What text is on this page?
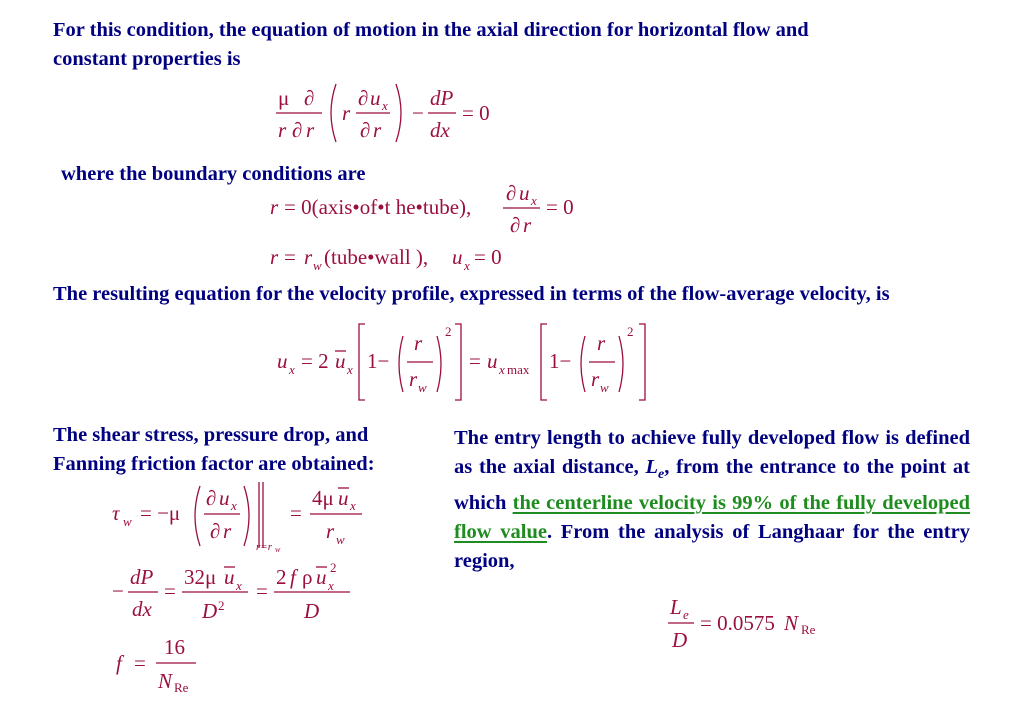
For this condition, the equation of motion in the axial direction for horizontal flow and
constant properties is
μ ∂
r ∂ r
r
∂ u x
∂ r
−
dP
dx
= 0
where the boundary conditions are
r = 0(axis•of•t he•tube),
∂ u x
∂ r
= 0
r = r w (tube•wall ), u x = 0
The resulting equation for the velocity profile, expressed in terms of the flow-average velocity, is
u x = 2 u x 1−
r
r w
2
= u x max 1−
r
r w
2
The shear stress, pressure drop, and Fanning friction factor are obtained:
τ w = −μ
∂ u x
∂ r
r=r w
=
4μ u x
r w
−
dP
dx
=
32μ u x
D 2
=
2 f ρ u 2
x
D
f =
16
N Re
The entry length to achieve fully developed flow is defined as the axial distance, $L_e$, from the entrance to the point at which the centerline velocity is 99% of the fully developed flow value. From the analysis of Langhaar for the entry region,
L e
D
= 0.0575 N Re
